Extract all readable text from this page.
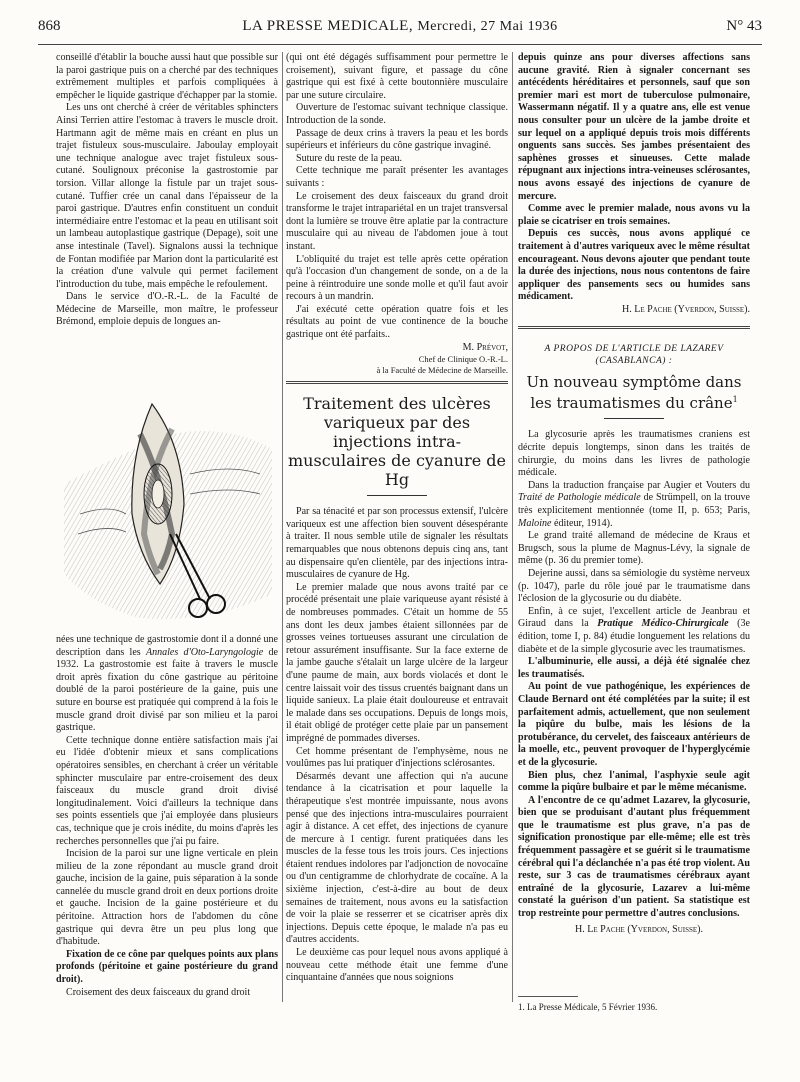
868	LA PRESSE MEDICALE, Mercredi, 27 Mai 1936	N° 43

conseillé d'établir la bouche aussi haut que possible sur la paroi gastrique puis on a cherché par des techniques extrêmement multiples et parfois compliquées à empêcher le liquide gastrique d'échapper par la stomie.

Les uns ont cherché à créer de véritables sphincters Ainsi Terrien attire l'estomac à travers le muscle droit. Hartmann agit de même mais en créant en plus un trajet fistuleux sous-musculaire. Jaboulay employait une technique analogue avec trajet fistuleux sous-cutané. Soulignoux préconise la gastrostomie par torsion. Villar allonge la fistule par un trajet sous-cutané. Tuffier crée un canal dans l'épaisseur de la paroi gastrique. D'autres enfin constituent un conduit intermédiaire entre l'estomac et la peau en utilisant soit un lambeau autoplastique gastrique (Depage), soit une anse intestinale (Tavel). Signalons aussi la technique de Fontan modifiée par Marion dont la particularité est la création d'une valvule qui permet facilement l'introduction du tube, mais empêche le refoulement.

Dans le service d'O.-R.-L. de la Faculté de Médecine de Marseille, mon maître, le professeur Brémond, emploie depuis de longues an-

nées une technique de gastrostomie dont il a donné une description dans les Annales d'Oto-Laryngologie de 1932. La gastrostomie est faite à travers le muscle droit après fixation du cône gastrique au péritoine doublé de la paroi postérieure de la gaine, puis une suture en bourse est pratiquée qui comprend à la fois le muscle grand droit divisé par son milieu et la paroi gastrique.

Cette technique donne entière satisfaction mais j'ai eu l'idée d'obtenir mieux et sans complications opératoires sensibles, en cherchant à créer un véritable sphincter musculaire par entre-croisement des deux faisceaux du muscle grand droit divisé longitudinalement. Voici d'ailleurs la technique dans ses points essentiels que j'ai employée dans plusieurs cas, technique que je crois inédite, du moins d'après les recherches personnelles que j'ai pu faire.

Incision de la paroi sur une ligne verticale en plein milieu de la zone répondant au muscle grand droit gauche, incision de la gaine, puis séparation à la sonde cannelée du muscle grand droit en deux portions droite et gauche. Incision de la gaine postérieure et du péritoine. Attraction hors de l'abdomen du cône gastrique qui devra être un peu plus long que d'habitude.

Fixation de ce cône par quelques points aux plans profonds (péritoine et gaine postérieure du grand droit).

Croisement des deux faisceaux du grand droit

(qui ont été dégagés suffisamment pour permettre le croisement), suivant figure, et passage du cône gastrique qui est fixé à cette boutonnière musculaire par une suture circulaire.

Ouverture de l'estomac suivant technique classique. Introduction de la sonde.

Passage de deux crins à travers la peau et les bords supérieurs et inférieurs du cône gastrique invaginé.

Suture du reste de la peau.

Cette technique me paraît présenter les avantages suivants :

Le croisement des deux faisceaux du grand droit transforme le trajet intrapariétal en un trajet transversal dont la lumière se trouve être aplatie par la contracture musculaire qui au niveau de l'abdomen joue à tout instant.

L'obliquité du trajet est telle après cette opération qu'à l'occasion d'un changement de sonde, on a de la peine à réintroduire une sonde molle et qu'il faut avoir recours à un mandrin.

J'ai exécuté cette opération quatre fois et les résultats au point de vue continence de la bouche gastrique ont été parfaits..

M. Prévot,

Chef de Clinique O.-R.-L.

à la Faculté de Médecine de Marseille.

Traitement des ulcères variqueux par des injections intra-musculaires de cyanure de Hg

Par sa ténacité et par son processus extensif, l'ulcère variqueux est une affection bien souvent désespérante à traiter. Il nous semble utile de signaler les résultats remarquables que nous obtenons depuis cinq ans, tant au dispensaire qu'en clientèle, par des injections intra-musculaires de cyanure de Hg.

Le premier malade que nous avons traité par ce procédé présentait une plaie variqueuse ayant résisté à de nombreuses pommades. C'était un homme de 55 ans dont les deux jambes étaient sillonnées par de grosses veines tortueuses assurant une circulation de retour assurément insuffisante. Sur la face externe de la jambe gauche s'étalait un large ulcère de la largeur d'une paume de main, aux bords violacés et dont le centre laissait voir des tissus cruentés baignant dans un liquide sanieux. La plaie était douloureuse et entravait le malade dans ses occupations. Depuis de longs mois, il était obligé de protéger cette plaie par un pansement imprégné de pommades diverses.

Cet homme présentant de l'emphysème, nous ne voulûmes pas lui pratiquer d'injections sclérosantes.

Désarmés devant une affection qui n'a aucune tendance à la cicatrisation et pour laquelle la thérapeutique s'est montrée impuissante, nous avons pensé que des injections intra-musculaires pourraient agir à distance. A cet effet, des injections de cyanure de mercure à 1 centigr. furent pratiquées dans les muscles de la fesse tous les trois jours. Ces injections étaient rendues indolores par l'adjonction de novocaïne ou d'un centigramme de chlorhydrate de cocaïne. A la sixième injection, c'est-à-dire au bout de deux semaines de traitement, nous avons eu la satisfaction de voir la plaie se resserrer et se cicatriser après dix injections. Depuis cette époque, le malade n'a pas eu d'autres accidents.

Le deuxième cas pour lequel nous avons appliqué à nouveau cette méthode était une femme d'une cinquantaine d'années que nous soignions

depuis quinze ans pour diverses affections sans aucune gravité. Rien à signaler concernant ses antécédents héréditaires et personnels, sauf que son premier mari est mort de tuberculose pulmonaire, Wassermann négatif. Il y a quatre ans, elle est venue nous consulter pour un ulcère de la jambe droite et sur lequel on a appliqué depuis trois mois différents onguents sans succès. Ses jambes présentaient des saphènes grosses et sinueuses. Cette malade répugnant aux injections intra-veineuses sclérosantes, nous avons essayé des injections de cyanure de mercure.

Comme avec le premier malade, nous avons vu la plaie se cicatriser en trois semaines.

Depuis ces succès, nous avons appliqué ce traitement à d'autres variqueux avec le même résultat encourageant. Nous devons ajouter que pendant toute la durée des injections, nous nous contentons de faire appliquer des pansements secs ou humides sans médicament.

H. Le Pache (Yverdon, Suisse).

A PROPOS DE L'ARTICLE DE LAZAREV
(CASABLANCA) :
Un nouveau symptôme dans les traumatismes du crâne$^1$

La glycosurie après les traumatismes craniens est décrite depuis longtemps, sinon dans les traités de chirurgie, du moins dans les livres de pathologie médicale.

Dans la traduction française par Augier et Vouters du Traité de Pathologie médicale de Strümpell, on la trouve très explicitement mentionnée (tome II, p. 653; Paris, Maloine éditeur, 1914).

Le grand traité allemand de médecine de Kraus et Brugsch, sous la plume de Magnus-Lévy, la signale de même (p. 36 du premier tome).

Dejerine aussi, dans sa sémiologie du système nerveux (p. 1047), parle du rôle joué par le traumatisme dans l'éclosion de la glycosurie ou du diabète.

Enfin, à ce sujet, l'excellent article de Jeanbrau et Giraud dans la Pratique Médico-Chirurgicale (3e édition, tome I, p. 84) étudie longuement les relations du diabète et de la simple glycosurie avec les traumatismes.

L'albuminurie, elle aussi, a déjà été signalée chez les traumatisés.

Au point de vue pathogénique, les expériences de Claude Bernard ont été complétées par la suite; il est parfaitement admis, actuellement, que non seulement la piqûre du bulbe, mais les lésions de la protubérance, du cervelet, des faisceaux antérieurs de la moelle, etc., peuvent provoquer de l'hyperglycémie et de la glycosurie.

Bien plus, chez l'animal, l'asphyxie seule agit comme la piqûre bulbaire et par le même mécanisme.

A l'encontre de ce qu'admet Lazarev, la glycosurie, bien que se produisant d'autant plus fréquemment que le traumatisme est plus grave, n'a pas de signification pronostique par elle-même; elle est très fréquemment passagère et se guérit si le traumatisme cérébral qui l'a déclanchée n'a pas été trop violent. Au reste, sur 3 cas de traumatismes cérébraux ayant entraîné de la glycosurie, Lazarev a lui-même constaté la guérison d'un patient. Sa statistique est trop restreinte pour permettre d'autres conclusions.

H. Le Pache (Yverdon, Suisse).

1. La Presse Médicale, 5 Février 1936.
